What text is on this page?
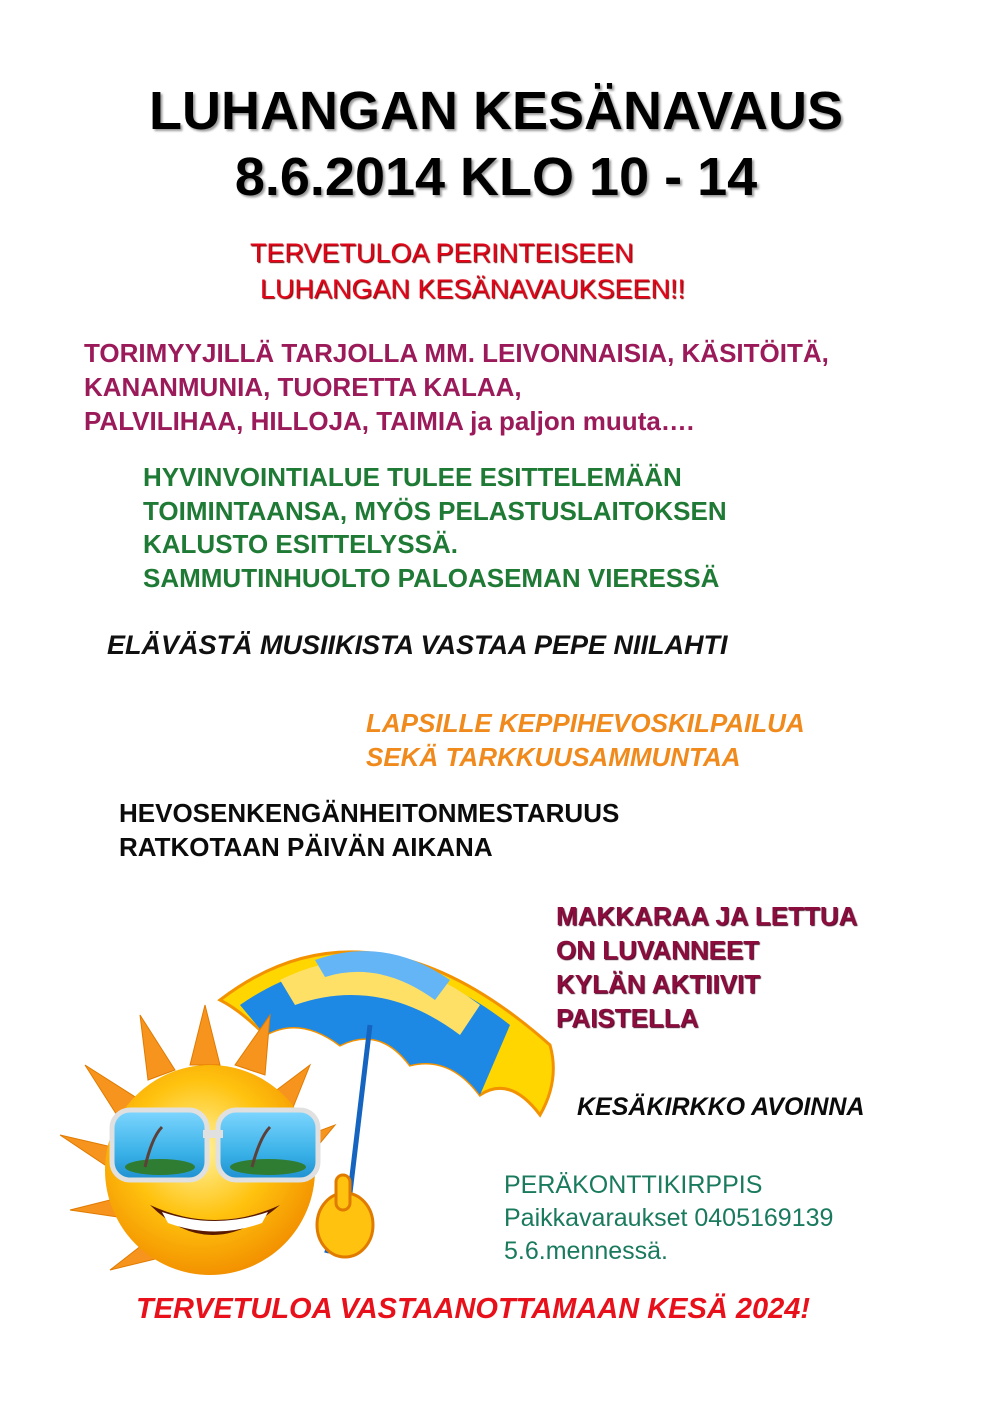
LUHANGAN KESÄNAVAUS
8.6.2014 KLO 10 - 14
TERVETULOA PERINTEISEEN
LUHANGAN KESÄNAVAUKSEEN!!
TORIMYYJILLÄ TARJOLLA MM. LEIVONNAISIA, KÄSITÖITÄ,
KANANMUNIA, TUORETTA KALAA,
PALVILIHAA, HILLOJA, TAIMIA ja paljon muuta….
HYVINVOINTIALUE TULEE ESITTELEMÄÄN
TOIMINTAANSA, MYÖS PELASTUSLAITOKSEN
KALUSTO ESITTELYSSÄ.
SAMMUTINHUOLTO PALOASEMAN VIERESSÄ
ELÄVÄSTÄ MUSIIKISTA VASTAA PEPE NIILAHTI
LAPSILLE KEPPIHEVOSKILPAILUA
SEKÄ TARKKUUSAMMUNTAA
HEVOSENKENGÄNHEITONMESTARUUS
RATKOTAAN PÄIVÄN AIKANA
MAKKARAA JA LETTUA
ON LUVANNEET
KYLÄN AKTIIVIT
PAISTELLA
KESÄKIRKKO AVOINNA
PERÄKONTTIKIRPPIS
Paikkavaraukset 0405169139
5.6.mennessä.
TERVETULOA VASTAANOTTAMAAN KESÄ 2024!
